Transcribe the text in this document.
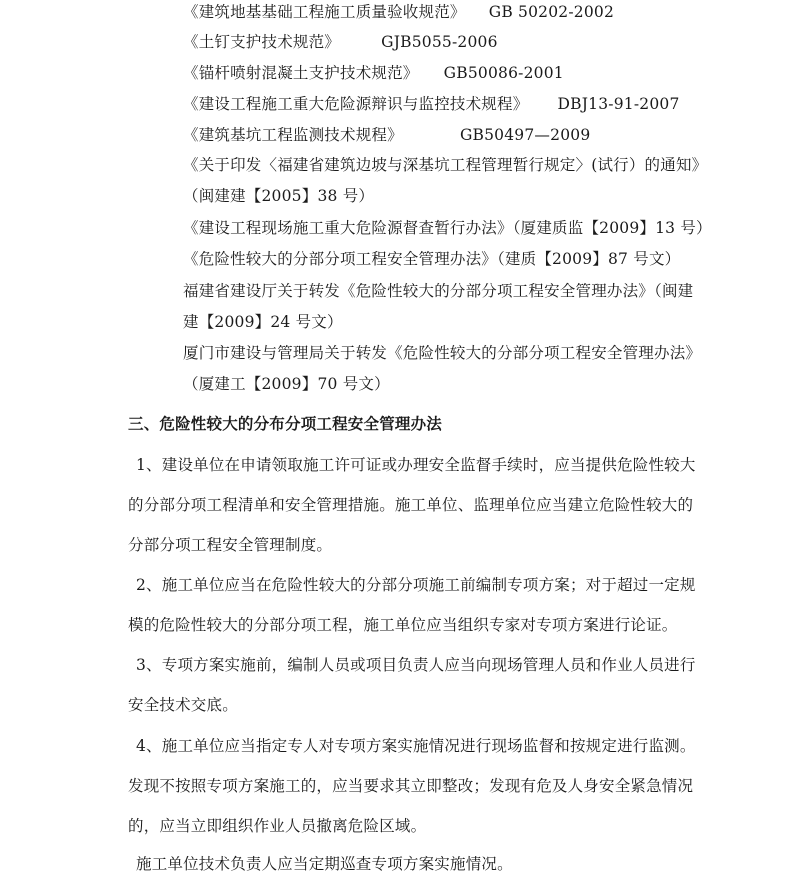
《建筑地基基础工程施工质量验收规范》 GB 50202-2002
《土钉支护技术规范》	GJB5055-2006
《锚杆喷射混凝土支护技术规范》 GB50086-2001
《建设工程施工重大危险源辩识与监控技术规程》 DBJ13-91-2007
《建筑基坑工程监测技术规程》	GB50497—2009
《关于印发〈福建省建筑边坡与深基坑工程管理暂行规定〉(试行）的通知》
（闽建建【2005】38 号）
《建设工程现场施工重大危险源督查暂行办法》（厦建质监【2009】13 号）
《危险性较大的分部分项工程安全管理办法》（建质【2009】87 号文）
福建省建设厅关于转发《危险性较大的分部分项工程安全管理办法》（闽建
建【2009】24 号文）
厦门市建设与管理局关于转发《危险性较大的分部分项工程安全管理办法》
（厦建工【2009】70 号文）
三、危险性较大的分布分项工程安全管理办法
1、建设单位在申请领取施工许可证或办理安全监督手续时，应当提供危险性较大
的分部分项工程清单和安全管理措施。施工单位、监理单位应当建立危险性较大的
分部分项工程安全管理制度。
2、施工单位应当在危险性较大的分部分项施工前编制专项方案；对于超过一定规
模的危险性较大的分部分项工程，施工单位应当组织专家对专项方案进行论证。
3、专项方案实施前，编制人员或项目负责人应当向现场管理人员和作业人员进行
安全技术交底。
4、施工单位应当指定专人对专项方案实施情况进行现场监督和按规定进行监测。
发现不按照专项方案施工的，应当要求其立即整改；发现有危及人身安全紧急情况
的，应当立即组织作业人员撤离危险区域。
施工单位技术负责人应当定期巡查专项方案实施情况。
